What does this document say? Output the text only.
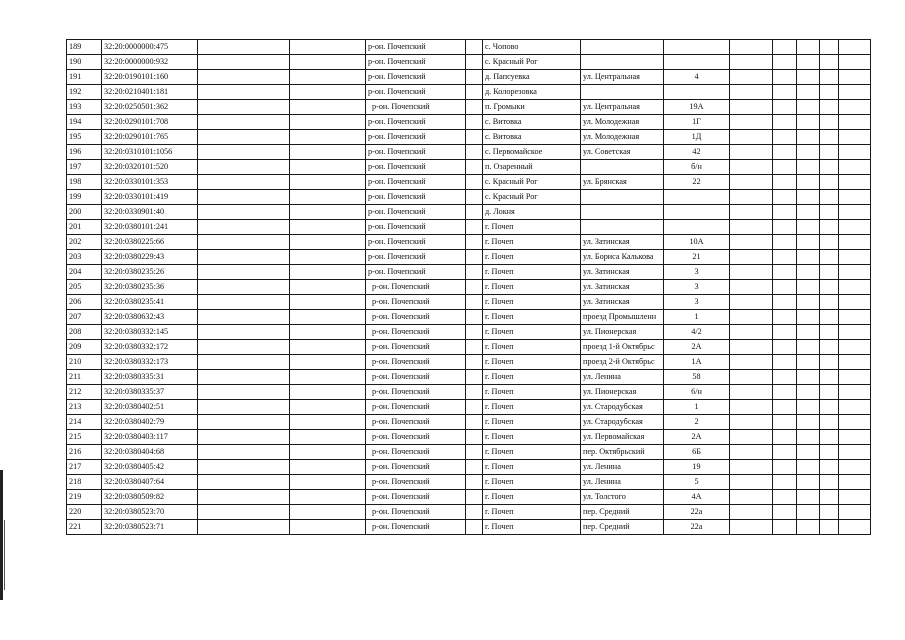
189	32:20:0000000:475			р-он. Почепский		с. Чопово							
190	32:20:0000000:932			р-он. Почепский		с. Красный Рог							
191	32:20:0190101:160			р-он. Почепский		д. Папсуевка	ул. Центральная	4					
192	32:20:0210401:181			р-он. Почепский		д. Колорезовка							
193	32:20:0250501:362			р-он. Почепский		п. Громыки	ул. Центральная	19А					
194	32:20:0290101:708			р-он. Почепский		с. Витовка	ул. Молодежная	1Г					
195	32:20:0290101:765			р-он. Почепский		с. Витовка	ул. Молодежная	1Д					
196	32:20:0310101:1056			р-он. Почепский		с. Первомайское	ул. Советская	42					
197	32:20:0320101:520			р-он. Почепский		п. Озаренный		б/н					
198	32:20:0330101:353			р-он. Почепский		с. Красный Рог	ул. Брянская	22					
199	32:20:0330101:419			р-он. Почепский		с. Красный Рог							
200	32:20:0330901:40			р-он. Почепский		д. Локня							
201	32:20:0380101:241			р-он. Почепский		г. Почеп							
202	32:20:0380225:66			р-он. Почепский		г. Почеп	ул. Затинская	10А					
203	32:20:0380229:43			р-он. Почепский		г. Почеп	ул. Бориса Калькова	21					
204	32:20:0380235:26			р-он. Почепский		г. Почеп	ул. Затинская	3					
205	32:20:0380235:36			р-он. Почепский		г. Почеп	ул. Затинская	3					
206	32:20:0380235:41			р-он. Почепский		г. Почеп	ул. Затинская	3					
207	32:20:0380632:43			р-он. Почепский		г. Почеп	проезд Промышленн	1					
208	32:20:0380332:145			р-он. Почепский		г. Почеп	ул. Пионерская	4/2					
209	32:20:0380332:172			р-он. Почепский		г. Почеп	проезд 1-й Октябрьс	2А					
210	32:20:0380332:173			р-он. Почепский		г. Почеп	проезд 2-й Октябрьс	1А					
211	32:20:0380335:31			р-он. Почепский		г. Почеп	ул. Ленина	58					
212	32:20:0380335:37			р-он. Почепский		г. Почеп	ул. Пионерская	6/н					
213	32:20:0380402:51			р-он. Почепский		г. Почеп	ул. Стародубская	1					
214	32:20:0380402:79			р-он. Почепский		г. Почеп	ул. Стародубская	2					
215	32:20:0380403:117			р-он. Почепский		г. Почеп	ул. Первомайская	2А					
216	32:20:0380404:68			р-он. Почепский		г. Почеп	пер. Октябрьский	6Б					
217	32:20:0380405:42			р-он. Почепский		г. Почеп	ул. Ленина	19					
218	32:20:0380407:64			р-он. Почепский		г. Почеп	ул. Ленина	5					
219	32:20:0380509:82			р-он. Почепский		г. Почеп	ул. Толстого	4А					
220	32:20:0380523:70			р-он. Почепский		г. Почеп	пер. Средний	22а					
221	32:20:0380523:71			р-он. Почепский		г. Почеп	пер. Средний	22а					
